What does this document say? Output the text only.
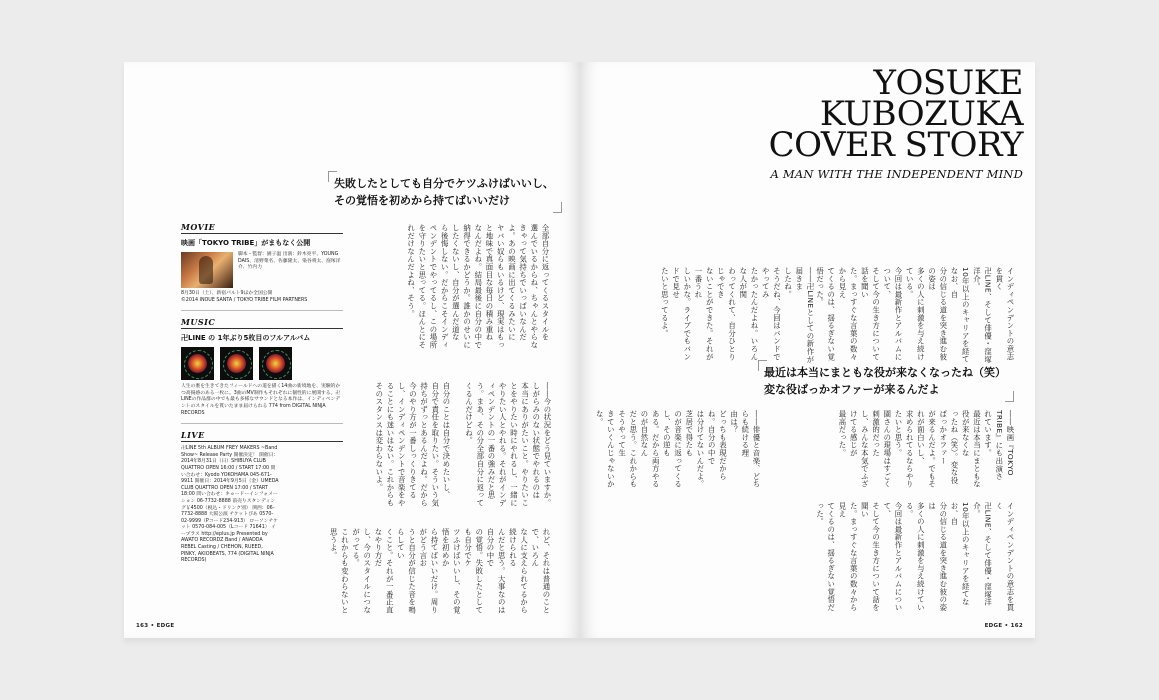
失敗したとしても自分でケツふけばいいし、
その覚悟を初めから持てばいいだけ
全部自分に返ってくるスタイルを
選んでいるからね、ちゃんとやらな
きゃって気持ちでいっぱいなんだ
よ。あの映画に出てくるみたいに
ヤバい奴らもいるけど、現実はもっ
と地味で真面目な毎日の積み重ね
なんだよね。結局最後に自分の中で
納得できるかどうか。誰かのせいに
したくないし、自分が選んだ道な
ら後悔しない。だからこそインディ
ペンデントでやってるし、この場所
を守りたいと思ってる。ほんとにそ
れだけなんだよね、そう。
――今の状況をどう見ていますか。
しがらみのない状態でやれるのは
本当にありがたいこと。やりたいこ
とをやりたい時にやれるし、一緒に
やりたい人とやれる。それがインデ
ィペンデントの一番の強みだと思
う。まあ、その分全部自分に返って
くるんだけどね。
自分のことは自分で決めたいし、
自分で責任を取りたい。そういう気
持ちがずっとあるんだよね。だから
今のやり方が一番しっくりきてる
し、インディペンデントで音楽をや
ることにも迷いはない。これからも
そのスタンスは変わらないよ。
れど、それは普通のことで、いろん
な人に支えられてるから続けられる
んだと思う。大事なのは自分の中で
の覚悟。失敗したとしても自分でケ
ツふけばいいし、その覚悟を初めか
ら持てばいいだけ。周りがどう言お
うと自分が信じた音を鳴らしてい
くこと。それが一番正直なやり方だ
し、今のスタイルにつながってる。
これからも変わらないと思うよ。
MOVIE
映画「TOKYO TRIBE」がまもなく公開
脚本・監督：園子温 出演：鈴木亮平、YOUNG DAIS、清野菜名、佐藤隆太、染谷将太、窪塚洋介、竹内力
8月30日（土）、新宿バルト9ほか全国公開
©2014 INOUE SANTA / TOKYO TRIBE FILM PARTNERS
MUSIC
卍LINE の 1年ぶり5枚目のフルアルバム
人生の裏を生きてきたフィールドへの道を描く14曲の新境地を、実験的かつ高揚感のある一枚に。3曲のMV制作もそれぞれに個性的に展開する。卍LINEの作品群の中でも最も多様なサウンドとなる本作は、インディペンデントのスタイルを貫いたまま届けられる 774 from DIGITAL NINJA RECORDS
LIVE
卍LINE 5th ALBUM FREY MAKERS ~Band Show~ Release Party 開催決定！ 開催日：2014年8月31日（日）SHIBUYA CLUB QUATTRO OPEN 16:00 / START 17:00 問い合わせ：Kyodo YOKOHAMA 045-671-9911 開催日：2014年9月5日（金）UMEDA CLUB QUATTRO OPEN 17:00 / START 18:00 問い合わせ：キョードーインフォメーション 06-7732-8888 前売りスタンディング￥4500（税込・ドリンク別） 関西：06-7732-8888 大阪公演 チケットぴあ 0570-02-9999（Pコード234-913） ローソンチケット 0570-084-005（Lコード 71641） イープラス http://eplus.jp Presented by AWATO RECORDZ Band / ANADDA REBEL Casting / CHEHON, RUEED, PINKY, AKIOBEATS, 774 (DIGITAL NINJA RECORDS)
163 • EDGE
YOSUKE
KUBOZUKA
COVER STORY
A MAN WITH THE INDEPENDENT MIND
インディペンデントの意志を貫く
卍LINE、そして俳優・窪塚洋介。
10年以上のキャリアを経てなお、自
分の信じる道を突き進む彼の姿は
多くの人に刺激を与え続けている。
今回は最新作とアルバムについて、
そして今の生き方について話を聞い
た。まっすぐな言葉の数々から見え
てくるのは、揺るぎない覚悟だった。
――卍LINEとしての新作が届きま
したね。
そうだね、今回はバンドでやってみ
たかったんだよね。いろんな人が関
わってくれて、自分ひとりじゃでき
ないことができた。それが一番うれ
しいかな。ライブでもバンドで見せ
たいと思ってるよ。
最近は本当にまともな役が来なくなったね（笑）
変な役ばっかオファーが来るんだよ
――映画『TOKYO TRIBE』にも出演さ
れています。
最近は本当にまともな役が来なくな
ったね（笑）。変な役ばっかオファー
が来るんだよ。でもそれが面白いし、
求められてるならやりたいと思う。
園さんの現場はすごく刺激的だった
し、みんな本気でふざけてる感じが
最高だった。
――俳優と音楽、どちらも続ける理
由は？
どっちも表現だからね。自分の中で
は分けてないんだよ。芝居で得たも
のが音楽に返ってくるし、その逆も
ある。だから両方やるのが自然なん
だと思う。これからもそうやって生
きていくんじゃないかな。
インディペンデントの意志を貫く
卍LINE、そして俳優・窪塚洋介。
10年以上のキャリアを経てなお、自
分の信じる道を突き進む彼の姿は
多くの人に刺激を与え続けている。
今回は最新作とアルバムについて、
そして今の生き方について話を聞い
た。まっすぐな言葉の数々から見え
てくるのは、揺るぎない覚悟だった。
EDGE • 162
